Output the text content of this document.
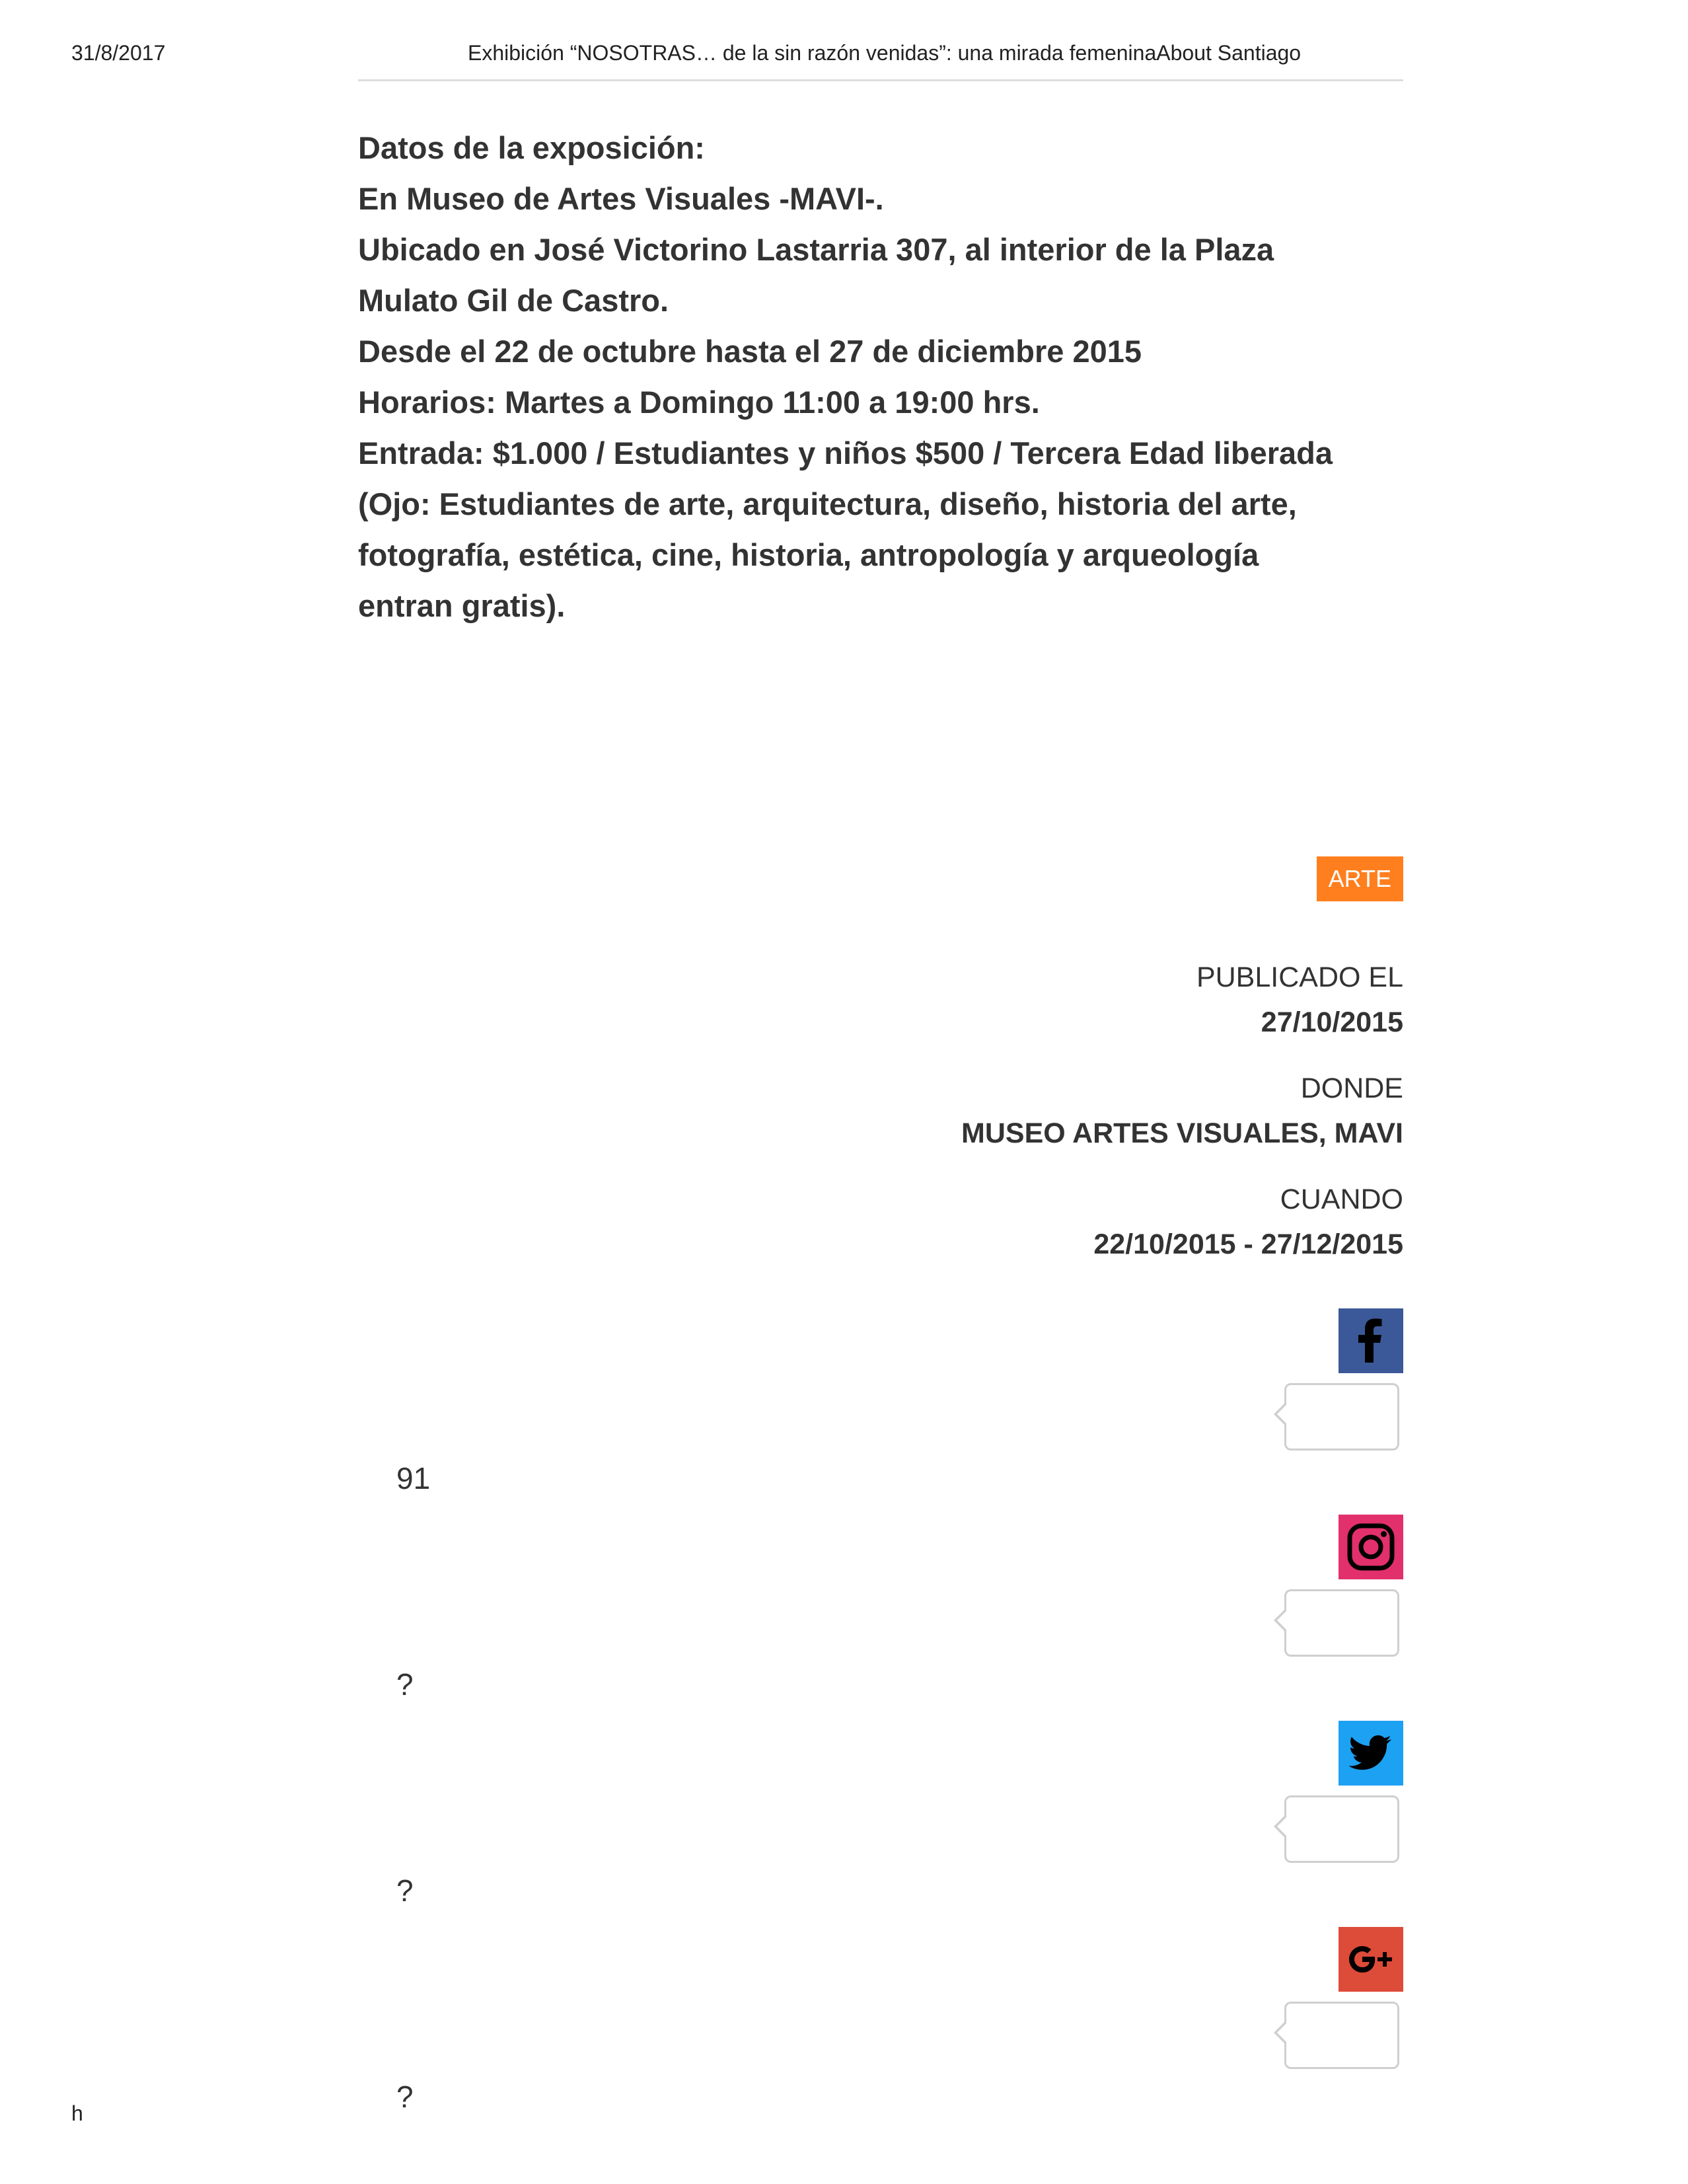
31/8/2017	Exhibición “NOSOTRAS… de la sin razón venidas”: una mirada femeninaAbout Santiago
Datos de la exposición:
En Museo de Artes Visuales -MAVI-.
Ubicado en José Victorino Lastarria 307, al interior de la Plaza
Mulato Gil de Castro.
Desde el 22 de octubre hasta el 27 de diciembre 2015
Horarios: Martes a Domingo 11:00 a 19:00 hrs.
Entrada: $1.000 / Estudiantes y niños $500 / Tercera Edad liberada
(Ojo: Estudiantes de arte, arquitectura, diseño, historia del arte,
fotografía, estética, cine, historia, antropología y arqueología
entran gratis).
ARTE
PUBLICADO EL
27/10/2015
DONDE
MUSEO ARTES VISUALES, MAVI
CUANDO
22/10/2015 - 27/12/2015
91
?
?
?
h
